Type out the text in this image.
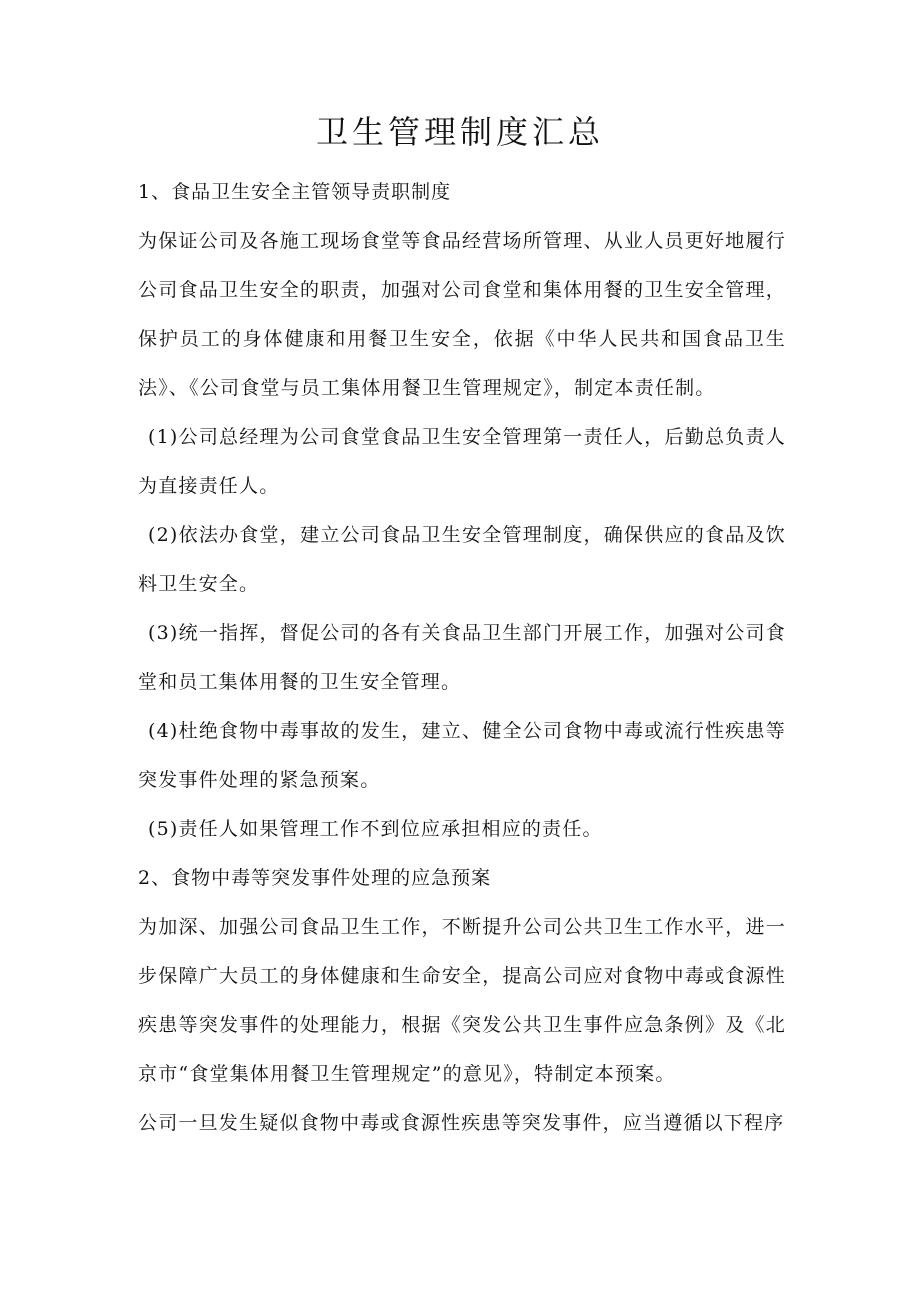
卫生管理制度汇总

1、食品卫生安全主管领导责职制度

为保证公司及各施工现场食堂等食品经营场所管理、从业人员更好地履行公司食品卫生安全的职责，加强对公司食堂和集体用餐的卫生安全管理，保护员工的身体健康和用餐卫生安全，依据《中华人民共和国食品卫生法》、《公司食堂与员工集体用餐卫生管理规定》，制定本责任制。

(1)公司总经理为公司食堂食品卫生安全管理第一责任人，后勤总负责人为直接责任人。

(2)依法办食堂，建立公司食品卫生安全管理制度，确保供应的食品及饮料卫生安全。

(3)统一指挥，督促公司的各有关食品卫生部门开展工作，加强对公司食堂和员工集体用餐的卫生安全管理。

(4)杜绝食物中毒事故的发生，建立、健全公司食物中毒或流行性疾患等突发事件处理的紧急预案。

(5)责任人如果管理工作不到位应承担相应的责任。

2、食物中毒等突发事件处理的应急预案

为加深、加强公司食品卫生工作，不断提升公司公共卫生工作水平，进一步保障广大员工的身体健康和生命安全，提高公司应对食物中毒或食源性疾患等突发事件的处理能力，根据《突发公共卫生事件应急条例》及《北京市“食堂集体用餐卫生管理规定”的意见》，特制定本预案。

公司一旦发生疑似食物中毒或食源性疾患等突发事件，应当遵循以下程序
